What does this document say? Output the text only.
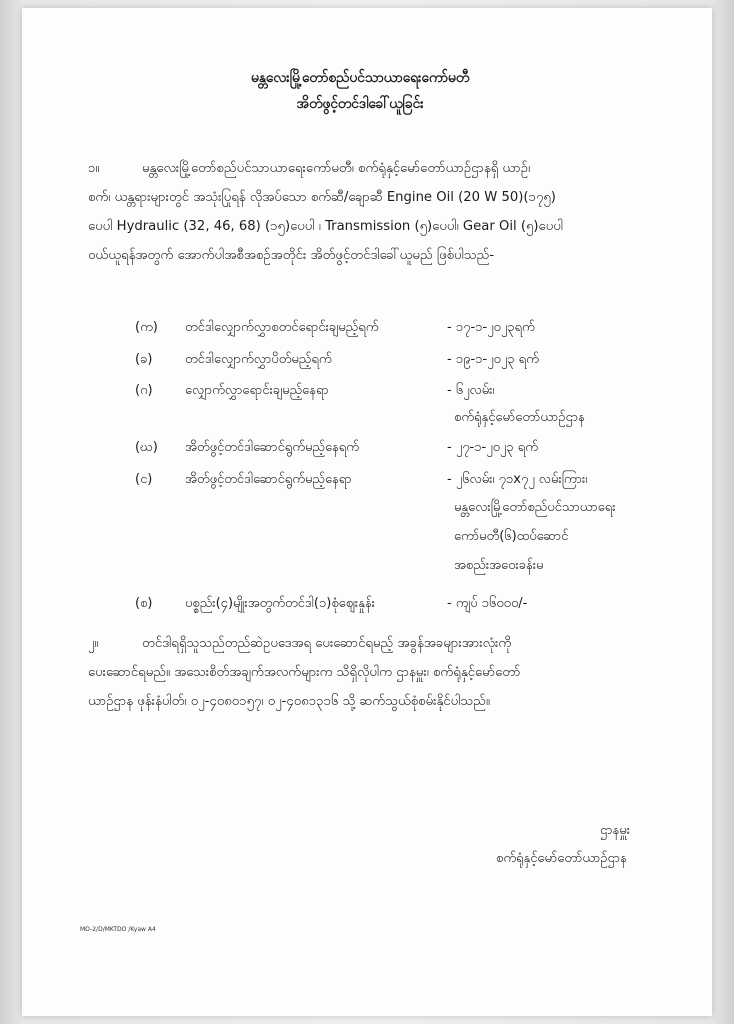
မန္တလေးမြို့တော်စည်ပင်သာယာရေးကော်မတီ
အိတ်ဖွင့်တင်ဒါခေါ်ယူခြင်း
၁။	မန္တလေးမြို့တော်စည်ပင်သာယာရေးကော်မတီ၊ စက်ရုံနှင့်မော်တော်ယာဉ်ဌာနရှိ ယာဉ်၊
စက်၊ ယန္တရားများတွင် အသုံးပြုရန် လိုအပ်သော စက်ဆီ/ချောဆီ Engine Oil (20 W 50)(၁၇၅)
ပေပါ Hydraulic (32, 46, 68) (၁၅)ပေပါ ၊ Transmission (၅)ပေပါ၊ Gear Oil (၅)ပေပါ
ဝယ်ယူရန်အတွက် အောက်ပါအစီအစဉ်အတိုင်း အိတ်ဖွင့်တင်ဒါခေါ်ယူမည် ဖြစ်ပါသည်-
(က)	တင်ဒါလျှောက်လွှာစတင်ရောင်းချမည့်ရက်	- ၁၇-၁-၂၀၂၃ရက်
(ခ)	တင်ဒါလျှောက်လွှာပိတ်မည့်ရက်	- ၁၉-၁-၂၀၂၃ ရက်
(ဂ)	လျှောက်လွှာရောင်းချမည့်နေရာ	- ၆၂လမ်း၊
စက်ရုံနှင့်မော်တော်ယာဉ်ဌာန
(ဃ)	အိတ်ဖွင့်တင်ဒါဆောင်ရွက်မည့်နေရက်	- ၂၇-၁-၂၀၂၃ ရက်
(င)	အိတ်ဖွင့်တင်ဒါဆောင်ရွက်မည့်နေရာ	- ၂၆လမ်း၊ ၇၁x၇၂ လမ်းကြား၊
မန္တလေးမြို့တော်စည်ပင်သာယာရေး
ကော်မတီ(၆)ထပ်ဆောင်
အစည်းအဝေးခန်းမ
(စ)	ပစ္စည်း(၄)မျိုးအတွက်တင်ဒါ(၁)စုံဈေးနှုန်း	- ကျပ် ၁၆၀၀၀/-
၂။	တင်ဒါရရှိသူသည်တည်ဆဲဥပဒေအရ ပေးဆောင်ရမည့် အခွန်အခများအားလုံးကို
ပေးဆောင်ရမည်။ အသေးစိတ်အချက်အလက်များက သိရှိလိုပါက ဌာနမှူး၊ စက်ရုံနှင့်မော်တော်
ယာဉ်ဌာန ဖုန်းနံပါတ်၊ ၀၂-၄၀၈၀၁၅၇၊ ၀၂-၄၀၈၁၃၁၆ သို့ ဆက်သွယ်စုံစမ်းနိုင်ပါသည်။
ဌာနမှူး
စက်ရုံနှင့်မော်တော်ယာဉ်ဌာန
MO-2/D/MKTDO /Kyaw A4
